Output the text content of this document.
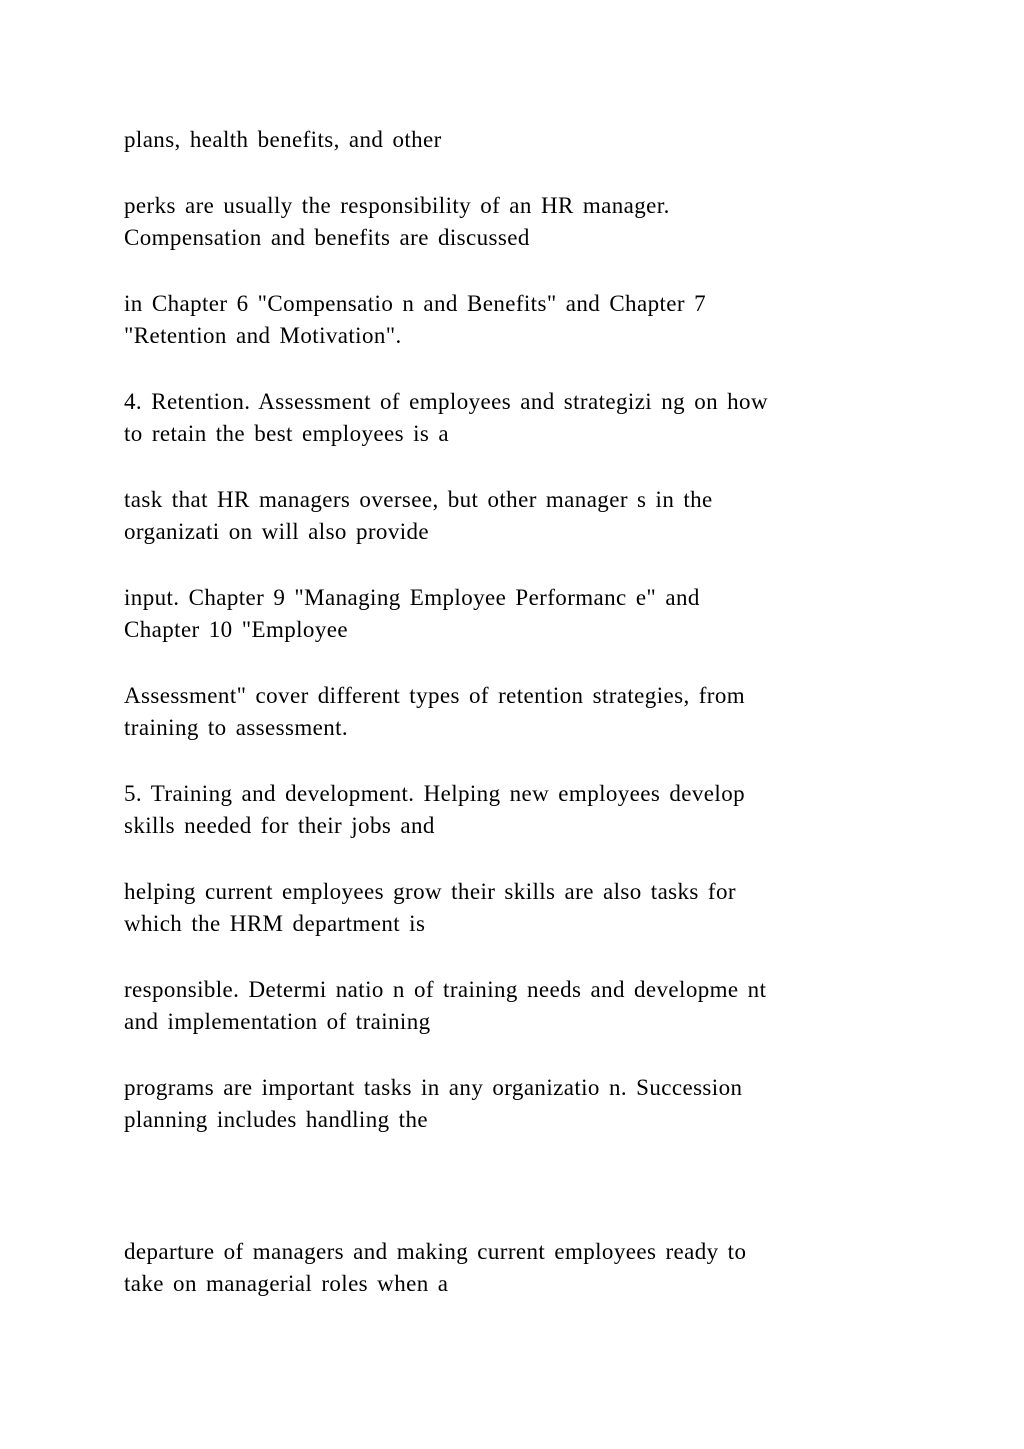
plans, health benefits, and other

perks are usually the responsibility of an HR manager.

Compensation and benefits are discussed

in Chapter 6 "Compensatio n and Benefits" and Chapter 7

"Retention and Motivation".

4. Retention. Assessment of employees and strategizi ng on how

to retain the best employees is a

task that HR managers oversee, but other manager s in the

organizati on will also provide

input. Chapter 9 "Managing Employee Performanc e" and

Chapter 10 "Employee

Assessment" cover different types of retention strategies, from

training to assessment.

5. Training and development. Helping new employees develop

skills needed for their jobs and

helping current employees grow their skills are also tasks for

which the HRM department is

responsible. Determi natio n of training needs and developme nt

and implementation of training

programs are important tasks in any organizatio n. Succession

planning includes handling the

departure of managers and making current employees ready to

take on managerial roles when a
